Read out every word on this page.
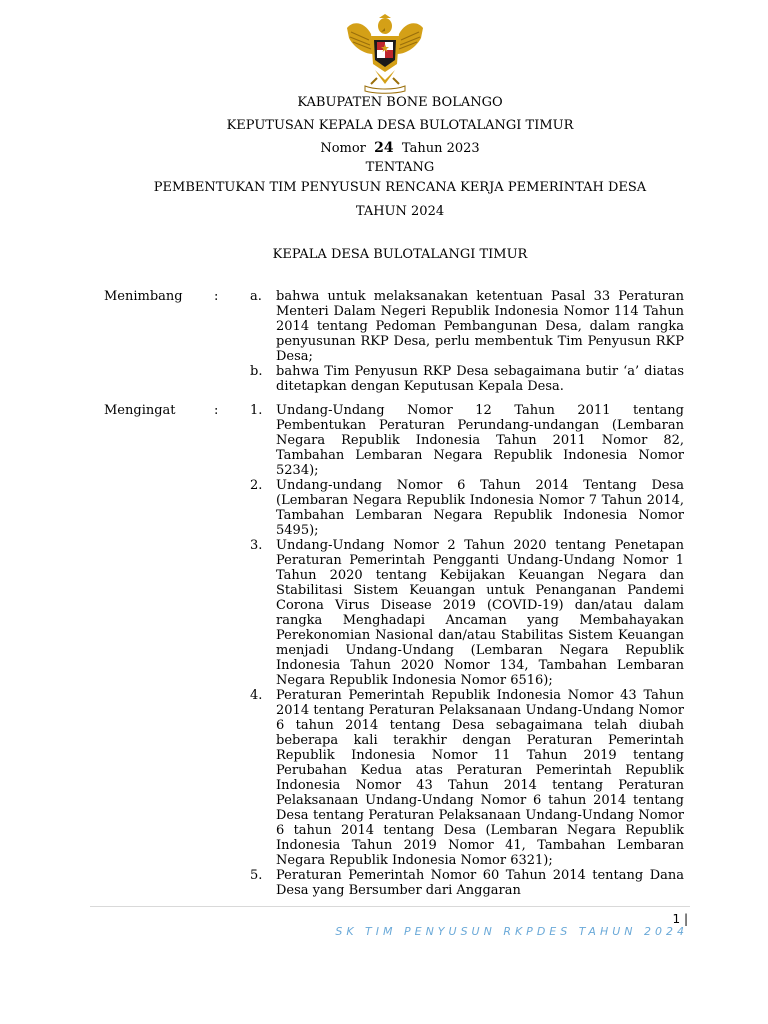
KABUPATEN BONE BOLANGO
KEPUTUSAN KEPALA DESA BULOTALANGI TIMUR
Nomor 24 Tahun 2023
TENTANG
PEMBENTUKAN TIM PENYUSUN RENCANA KERJA PEMERINTAH DESA
TAHUN 2024
KEPALA DESA BULOTALANGI TIMUR
Menimbang	: a.	bahwa untuk melaksanakan ketentuan Pasal 33 Peraturan Menteri Dalam Negeri Republik Indonesia Nomor 114 Tahun 2014 tentang Pedoman Pembangunan Desa, dalam rangka penyusunan RKP Desa, perlu membentuk Tim Penyusun RKP Desa;
b.	bahwa Tim Penyusun RKP Desa sebagaimana butir ‘a’ diatas ditetapkan dengan Keputusan Kepala Desa.
Mengingat	: 1.	Undang-Undang Nomor 12 Tahun 2011 tentang Pembentukan Peraturan Perundang-undangan (Lembaran Negara Republik Indonesia Tahun 2011 Nomor 82, Tambahan Lembaran Negara Republik Indonesia Nomor 5234);
2.	Undang-undang Nomor 6 Tahun 2014 Tentang Desa (Lembaran Negara Republik Indonesia Nomor 7 Tahun 2014, Tambahan Lembaran Negara Republik Indonesia Nomor 5495);
3.	Undang-Undang Nomor 2 Tahun 2020 tentang Penetapan Peraturan Pemerintah Pengganti Undang-Undang Nomor 1 Tahun 2020 tentang Kebijakan Keuangan Negara dan Stabilitasi Sistem Keuangan untuk Penanganan Pandemi Corona Virus Disease 2019 (COVID-19) dan/atau dalam rangka Menghadapi Ancaman yang Membahayakan Perekonomian Nasional dan/atau Stabilitas Sistem Keuangan menjadi Undang-Undang (Lembaran Negara Republik Indonesia Tahun 2020 Nomor 134, Tambahan Lembaran Negara Republik Indonesia Nomor 6516);
4.	Peraturan Pemerintah Republik Indonesia Nomor 43 Tahun 2014 tentang Peraturan Pelaksanaan Undang-Undang Nomor 6 tahun 2014 tentang Desa sebagaimana telah diubah beberapa kali terakhir dengan Peraturan Pemerintah Republik Indonesia Nomor 11 Tahun 2019 tentang Perubahan Kedua atas Peraturan Pemerintah Republik Indonesia Nomor 43 Tahun 2014 tentang Peraturan Pelaksanaan Undang-Undang Nomor 6 tahun 2014 tentang Desa tentang Peraturan Pelaksanaan Undang-Undang Nomor 6 tahun 2014 tentang Desa (Lembaran Negara Republik Indonesia Tahun 2019 Nomor 41, Tambahan Lembaran Negara Republik Indonesia Nomor 6321);
5.	Peraturan Pemerintah Nomor 60 Tahun 2014 tentang Dana Desa yang Bersumber dari Anggaran
1 |
SK TIM PENYUSUN RKPDES TAHUN 2024
